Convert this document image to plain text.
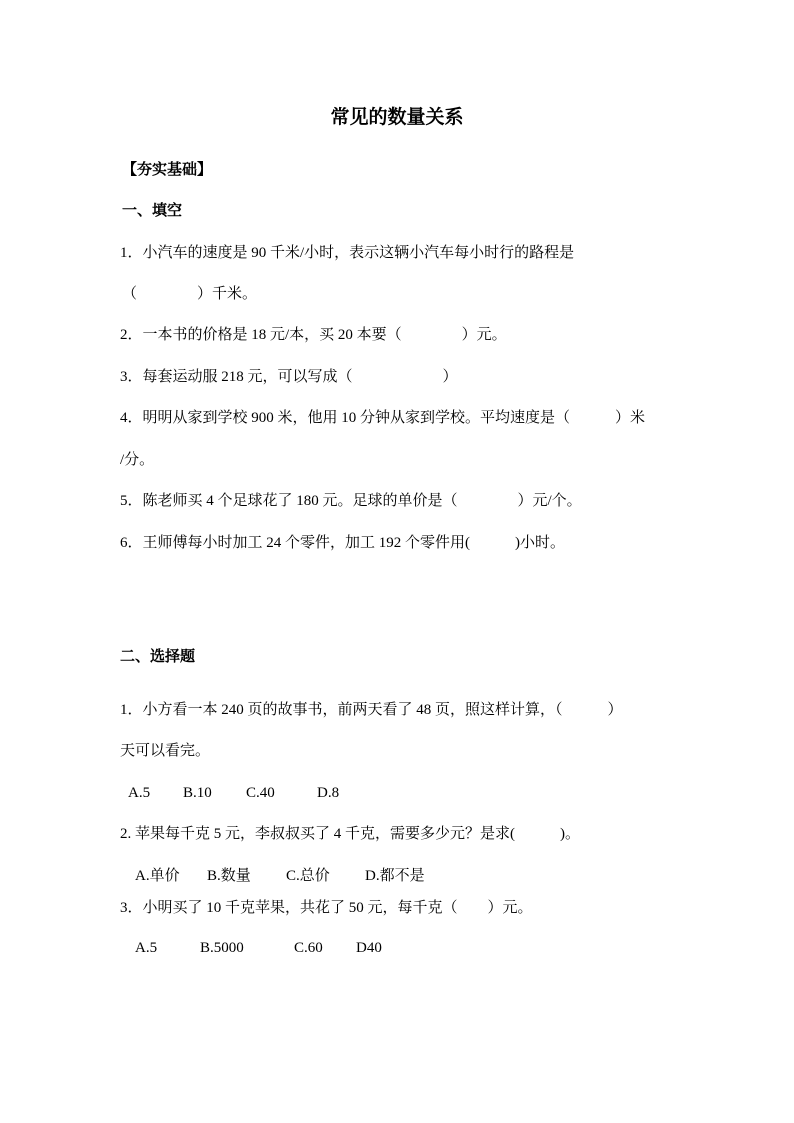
常见的数量关系
【夯实基础】
一、填空
1．小汽车的速度是 90 千米/小时，表示这辆小汽车每小时行的路程是
（　　　　）千米。
2．一本书的价格是 18 元/本，买 20 本要（　　　　）元。
3．每套运动服 218 元，可以写成（　　　　　　）
4．明明从家到学校 900 米，他用 10 分钟从家到学校。平均速度是（　　　）米
/分。
5．陈老师买 4 个足球花了 180 元。足球的单价是（　　　　）元/个。
6．王师傅每小时加工 24 个零件，加工 192 个零件用(　　　)小时。
二、选择题
1．小方看一本 240 页的故事书，前两天看了 48 页，照这样计算，（　　　）
天可以看完。
A.5 B.10 C.40	D.8
2. 苹果每千克 5 元，李叔叔买了 4 千克，需要多少元？是求(　　　)。
A.单价 B.数量 C.总价 D.都不是
3．小明买了 10 千克苹果，共花了 50 元，每千克（　　）元。
A.5	B.5000	C.60 D40
